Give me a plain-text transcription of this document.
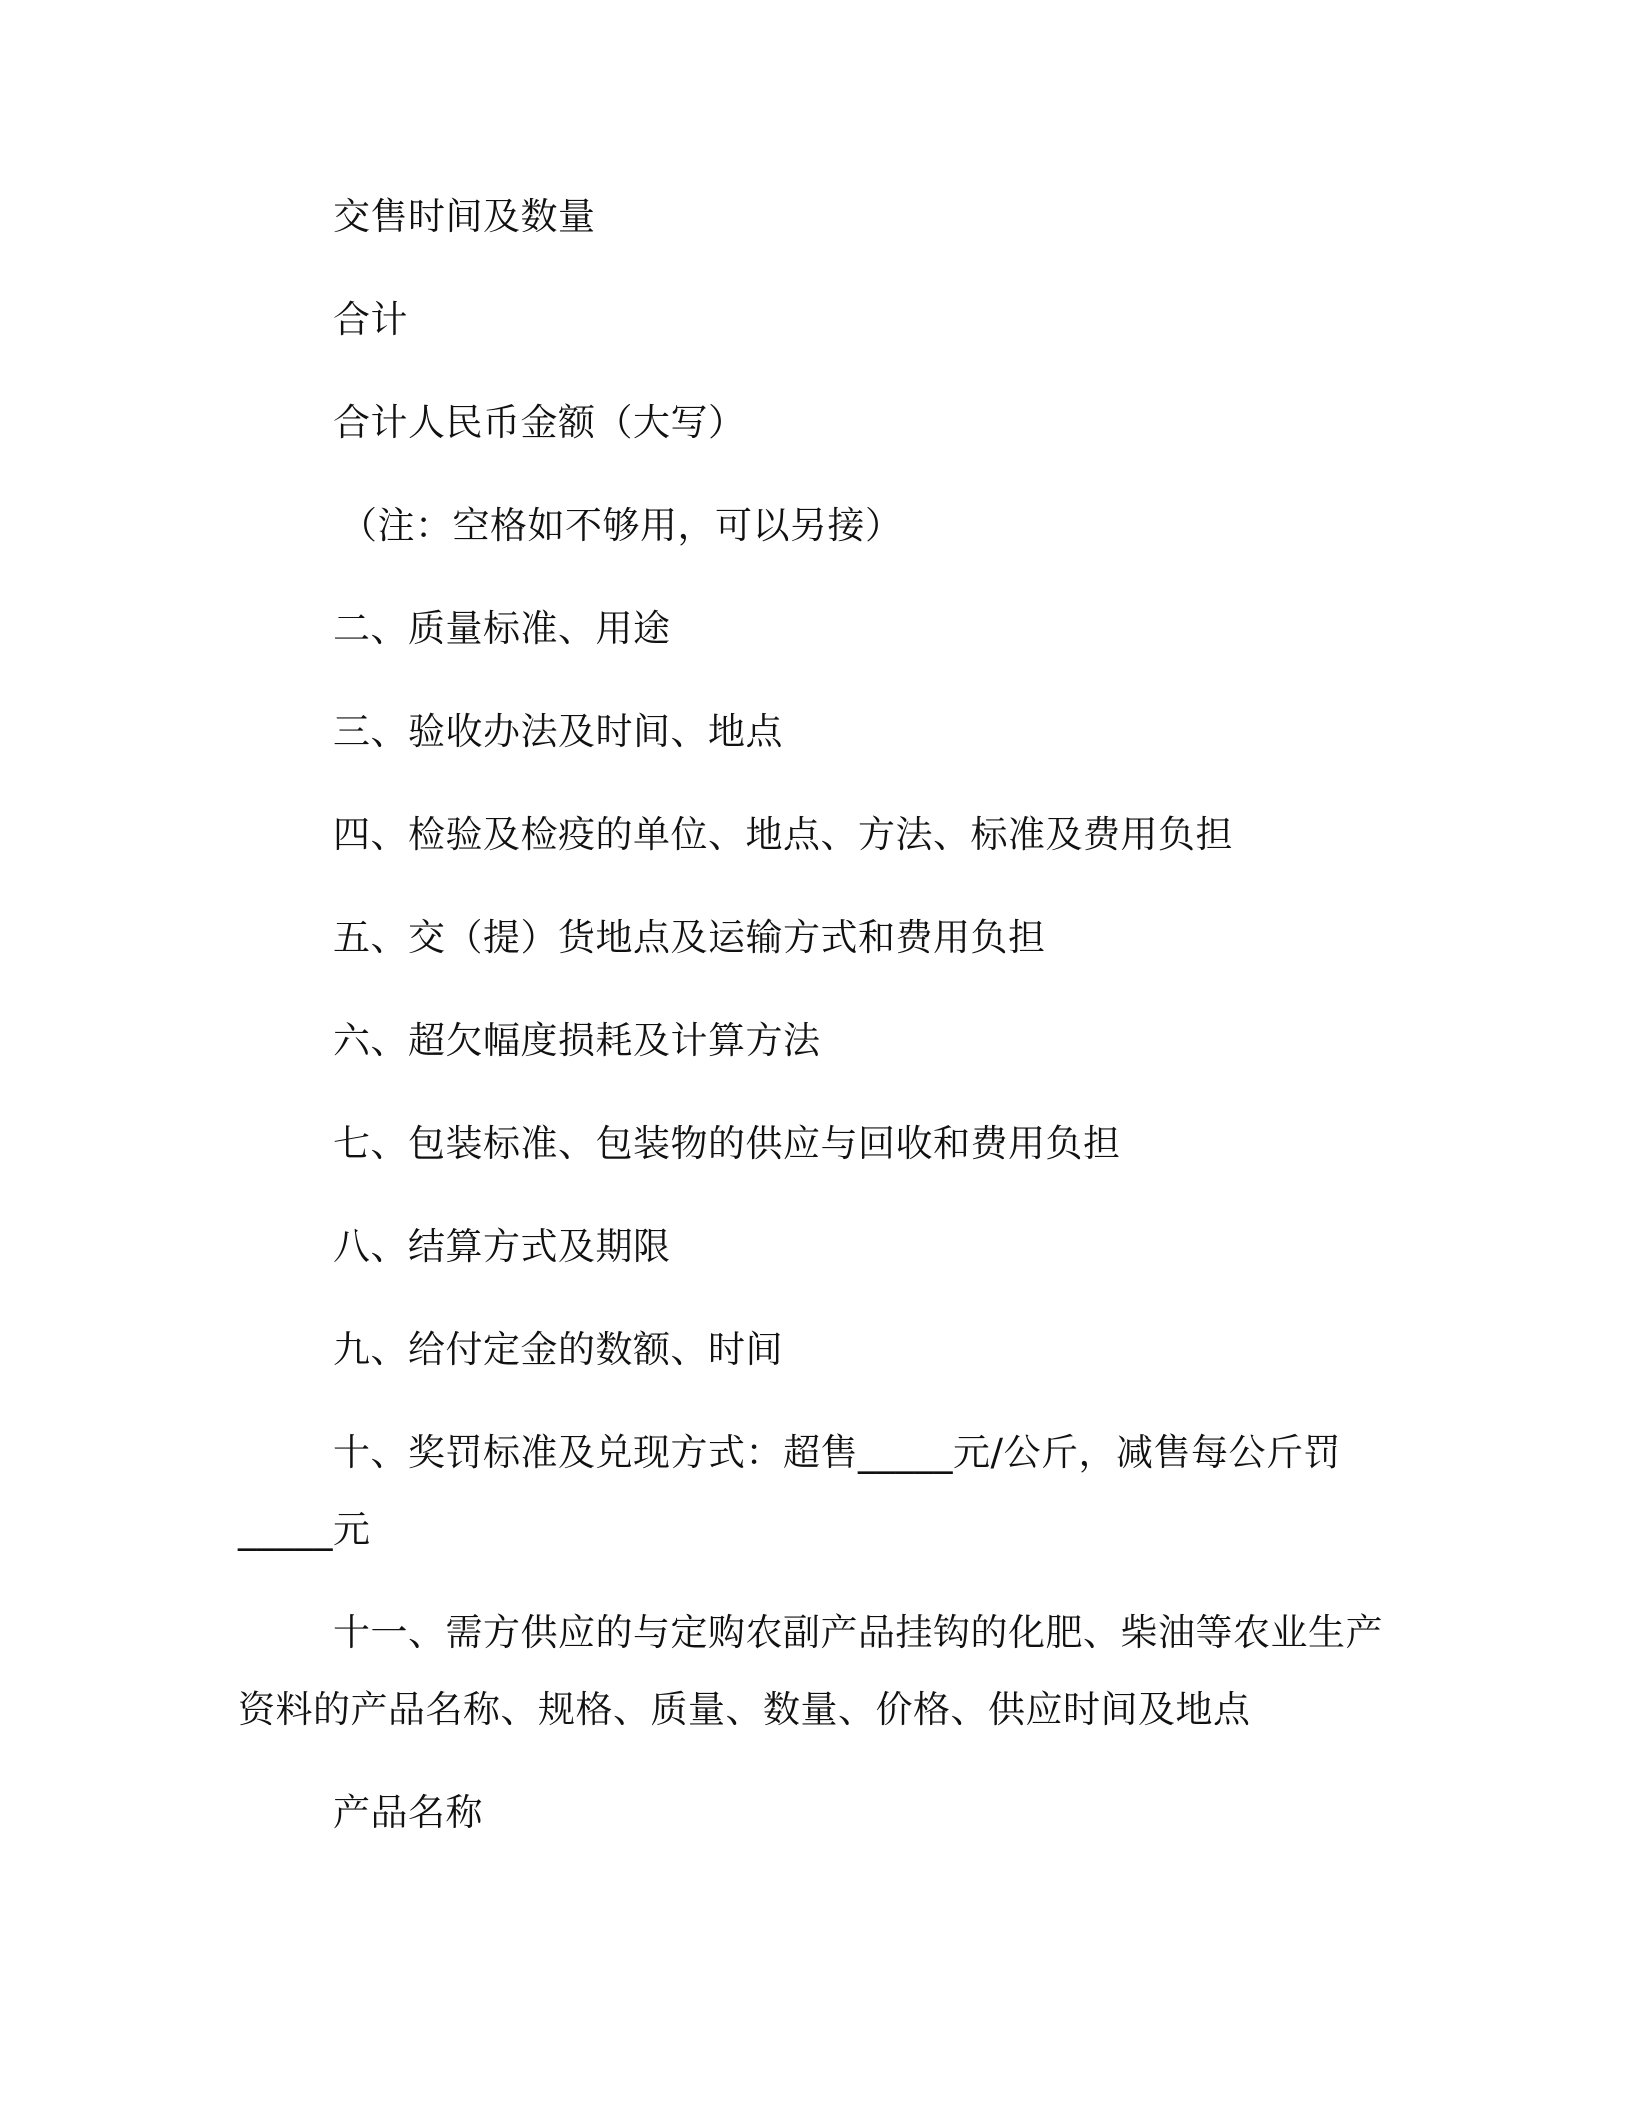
交售时间及数量
合计
合计人民币金额（大写）
（注：空格如不够用，可以另接）
二、质量标准、用途
三、验收办法及时间、地点
四、检验及检疫的单位、地点、方法、标准及费用负担
五、交（提）货地点及运输方式和费用负担
六、超欠幅度损耗及计算方法
七、包装标准、包装物的供应与回收和费用负担
八、结算方式及期限
九、给付定金的数额、时间
十、奖罚标准及兑现方式：超售_____元/公斤，减售每公斤罚
_____元
十一、需方供应的与定购农副产品挂钩的化肥、柴油等农业生产
资料的产品名称、规格、质量、数量、价格、供应时间及地点
产品名称
